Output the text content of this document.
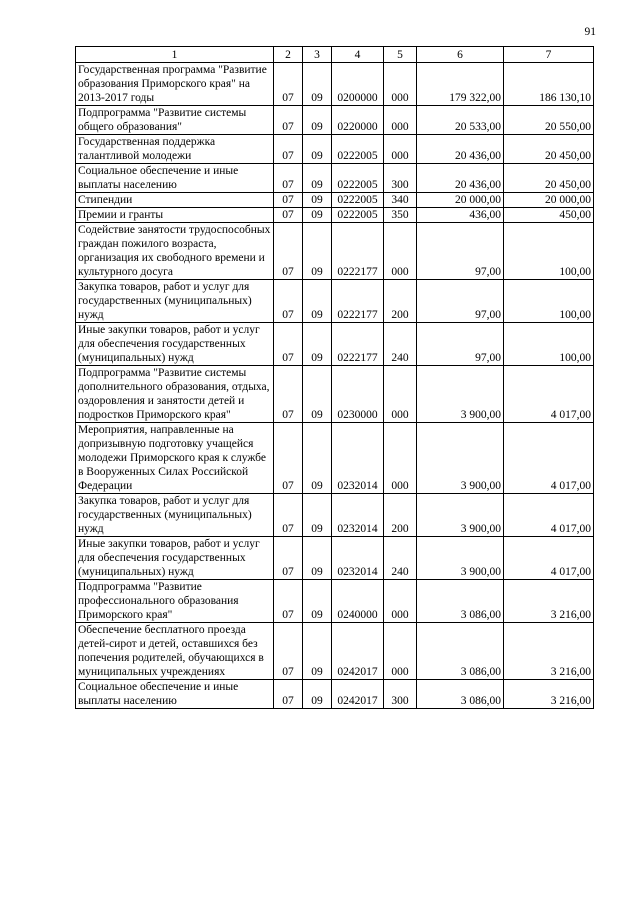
91
1	2	3	4	5	6	7
Государственная программа "Развитие образования Приморского края" на 2013-2017 годы	07	09	0200000	000	179 322,00	186 130,10
Подпрограмма "Развитие системы общего образования"	07	09	0220000	000	20 533,00	20 550,00
Государственная поддержка талантливой молодежи	07	09	0222005	000	20 436,00	20 450,00
Социальное обеспечение и иные выплаты населению	07	09	0222005	300	20 436,00	20 450,00
Стипендии	07	09	0222005	340	20 000,00	20 000,00
Премии и гранты	07	09	0222005	350	436,00	450,00
Содействие занятости трудоспособных граждан пожилого возраста, организация их свободного времени и культурного досуга	07	09	0222177	000	97,00	100,00
Закупка товаров, работ и услуг для государственных (муниципальных) нужд	07	09	0222177	200	97,00	100,00
Иные закупки товаров, работ и услуг для обеспечения государственных (муниципальных) нужд	07	09	0222177	240	97,00	100,00
Подпрограмма "Развитие системы дополнительного образования, отдыха, оздоровления и занятости детей и подростков Приморского края"	07	09	0230000	000	3 900,00	4 017,00
Мероприятия, направленные на допризывную подготовку учащейся молодежи Приморского края к службе в Вооруженных Силах Российской Федерации	07	09	0232014	000	3 900,00	4 017,00
Закупка товаров, работ и услуг для государственных (муниципальных) нужд	07	09	0232014	200	3 900,00	4 017,00
Иные закупки товаров, работ и услуг для обеспечения государственных (муниципальных) нужд	07	09	0232014	240	3 900,00	4 017,00
Подпрограмма "Развитие профессионального образования Приморского края"	07	09	0240000	000	3 086,00	3 216,00
Обеспечение бесплатного проезда детей-сирот и детей, оставшихся без попечения родителей, обучающихся в муниципальных учреждениях	07	09	0242017	000	3 086,00	3 216,00
Социальное обеспечение и иные выплаты населению	07	09	0242017	300	3 086,00	3 216,00
